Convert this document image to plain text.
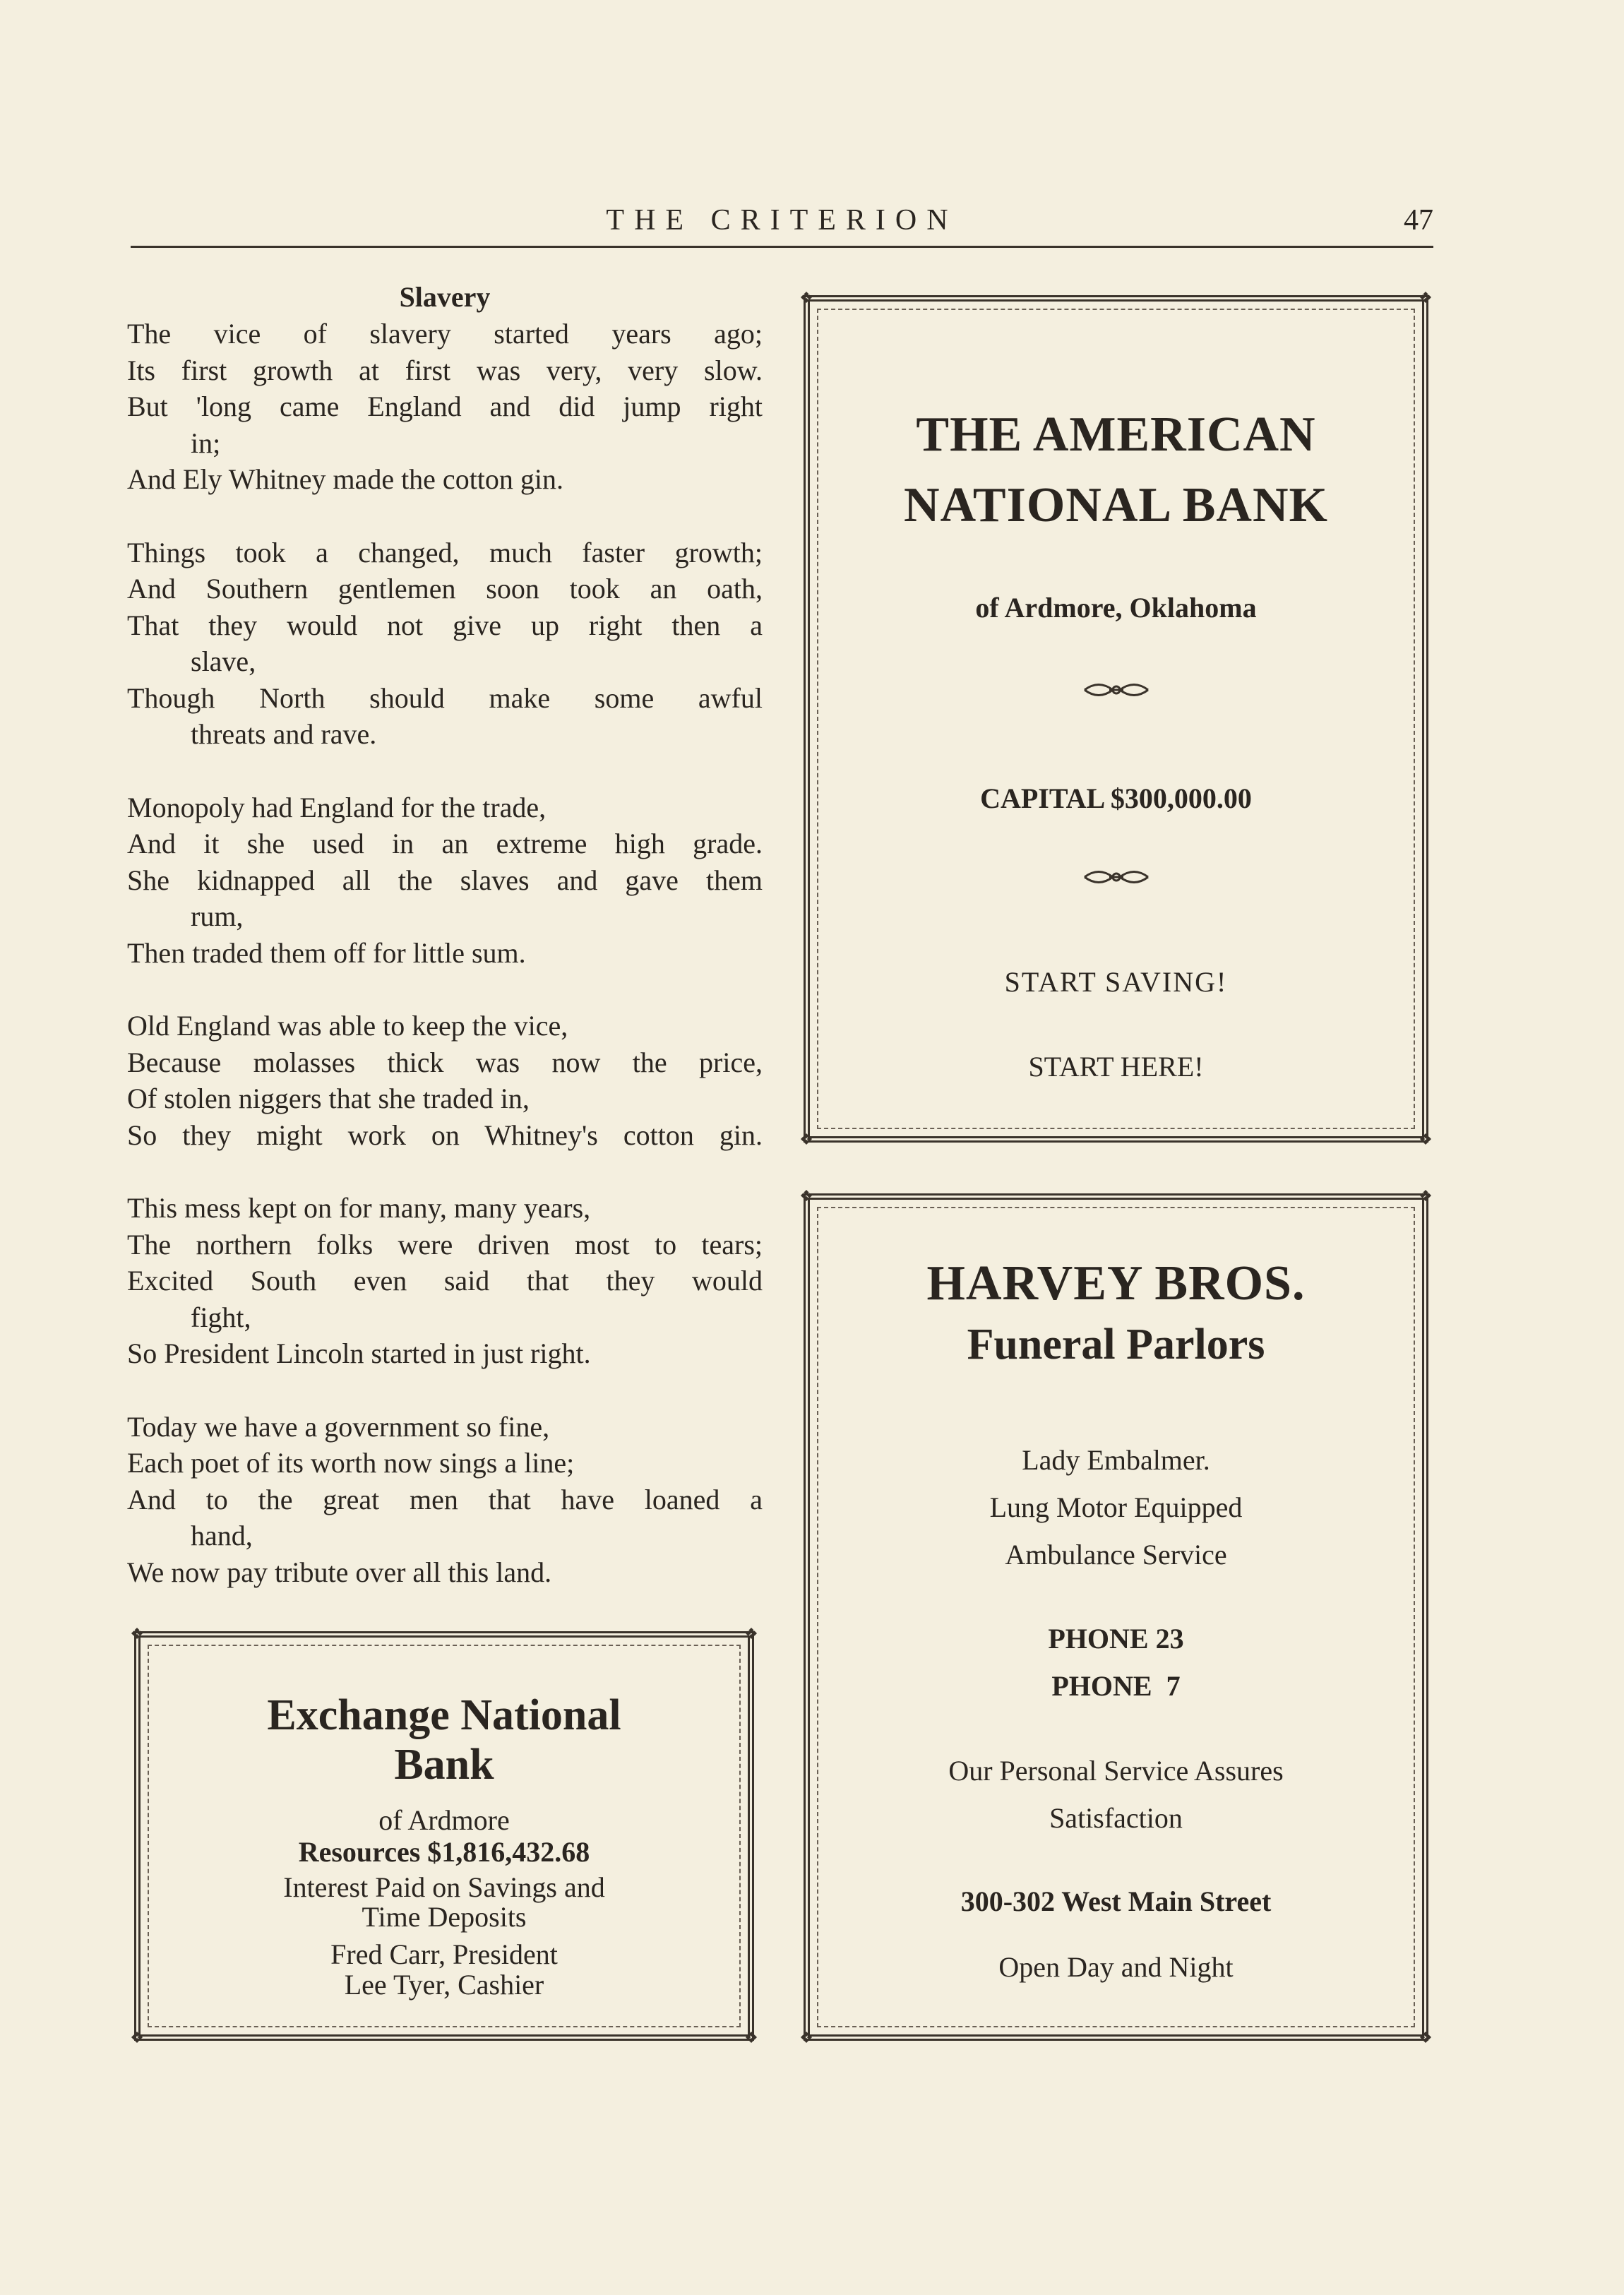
THE CRITERION	47
Slavery
The vice of slavery started years ago;
Its first growth at first was very, very slow.
But 'long came England and did jump right
in;
And Ely Whitney made the cotton gin.
Things took a changed, much faster growth;
And Southern gentlemen soon took an oath,
That they would not give up right then a
slave,
Though North should make some awful
threats and rave.
Monopoly had England for the trade,
And it she used in an extreme high grade.
She kidnapped all the slaves and gave them
rum,
Then traded them off for little sum.
Old England was able to keep the vice,
Because molasses thick was now the price,
Of stolen niggers that she traded in,
So they might work on Whitney's cotton gin.
This mess kept on for many, many years,
The northern folks were driven most to tears;
Excited South even said that they would
fight,
So President Lincoln started in just right.
Today we have a government so fine,
Each poet of its worth now sings a line;
And to the great men that have loaned a
hand,
We now pay tribute over all this land.
❖	❖
❖	❖
THE AMERICAN
NATIONAL BANK
of Ardmore, Oklahoma
CAPITAL $300,000.00
START SAVING!
START HERE!
❖	❖
❖	❖
HARVEY BROS.
Funeral Parlors
Lady Embalmer.
Lung Motor Equipped
Ambulance Service
PHONE 23
PHONE  7
Our Personal Service Assures
Satisfaction
300-302 West Main Street
Open Day and Night
❖	❖
❖	❖
Exchange National
Bank
of Ardmore
Resources $1,816,432.68
Interest Paid on Savings and
Time Deposits
Fred Carr, President
Lee Tyer, Cashier
